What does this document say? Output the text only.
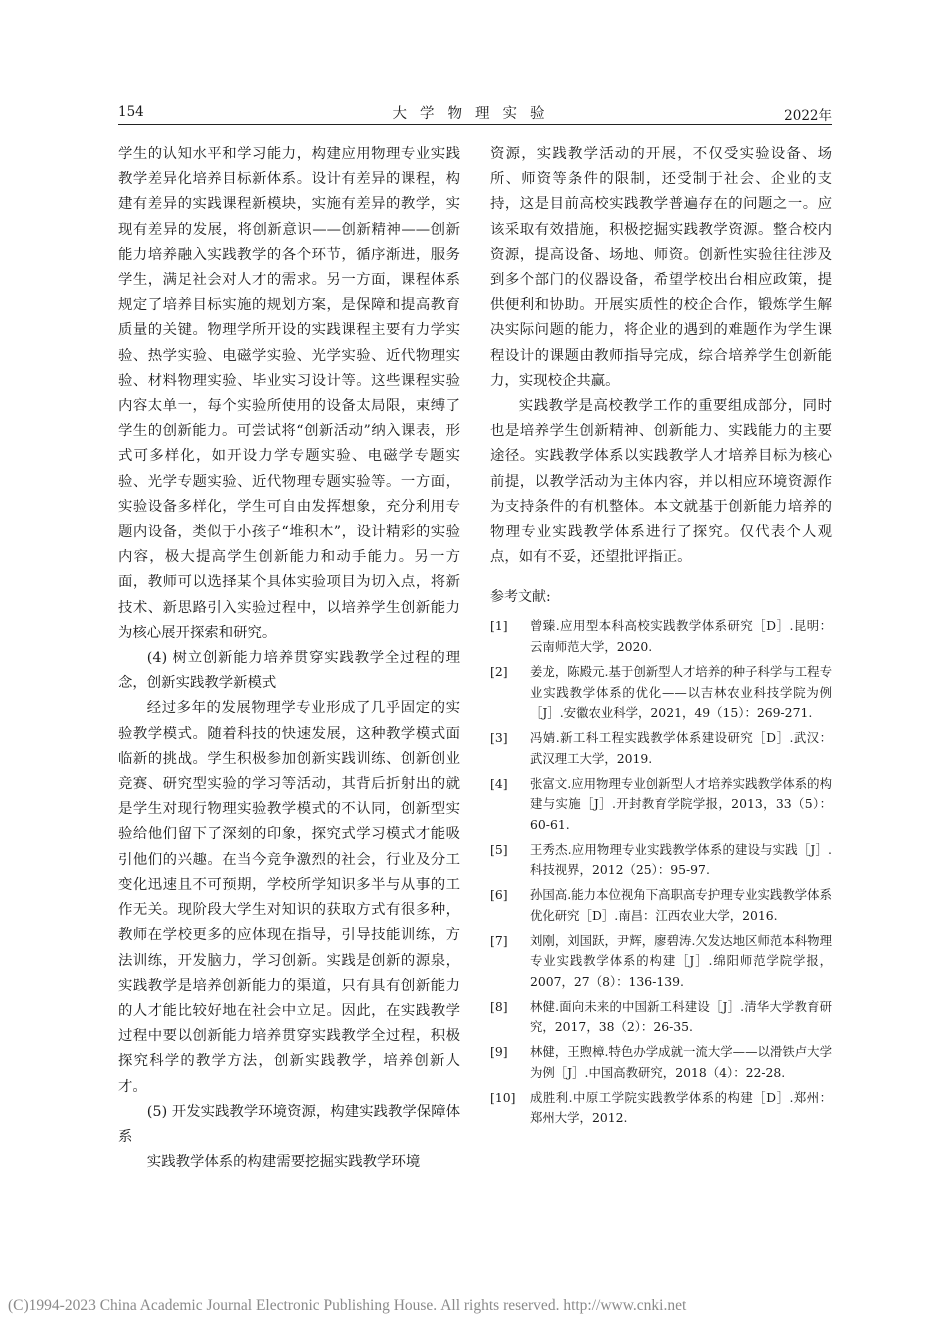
154	大学物理实验	2022年

学生的认知水平和学习能力，构建应用物理专业实践教学差异化培养目标新体系。设计有差异的课程，构建有差异的实践课程新模块，实施有差异的教学，实现有差异的发展，将创新意识——创新精神——创新能力培养融入实践教学的各个环节，循序渐进，服务学生，满足社会对人才的需求。另一方面，课程体系规定了培养目标实施的规划方案，是保障和提高教育质量的关键。物理学所开设的实践课程主要有力学实验、热学实验、电磁学实验、光学实验、近代物理实验、材料物理实验、毕业实习设计等。这些课程实验内容太单一，每个实验所使用的设备太局限，束缚了学生的创新能力。可尝试将“创新活动”纳入课表，形式可多样化，如开设力学专题实验、电磁学专题实验、光学专题实验、近代物理专题实验等。一方面，实验设备多样化，学生可自由发挥想象，充分利用专题内设备，类似于小孩子“堆积木”，设计精彩的实验内容，极大提高学生创新能力和动手能力。另一方面，教师可以选择某个具体实验项目为切入点，将新技术、新思路引入实验过程中，以培养学生创新能力为核心展开探索和研究。

(4) 树立创新能力培养贯穿实践教学全过程的理念，创新实践教学新模式

经过多年的发展物理学专业形成了几乎固定的实验教学模式。随着科技的快速发展，这种教学模式面临新的挑战。学生积极参加创新实践训练、创新创业竞赛、研究型实验的学习等活动，其背后折射出的就是学生对现行物理实验教学模式的不认同，创新型实验给他们留下了深刻的印象，探究式学习模式才能吸引他们的兴趣。在当今竞争激烈的社会，行业及分工变化迅速且不可预期，学校所学知识多半与从事的工作无关。现阶段大学生对知识的获取方式有很多种，教师在学校更多的应体现在指导，引导技能训练，方法训练，开发脑力，学习创新。实践是创新的源泉，实践教学是培养创新能力的渠道，只有具有创新能力的人才能比较好地在社会中立足。因此，在实践教学过程中要以创新能力培养贯穿实践教学全过程，积极探究科学的教学方法，创新实践教学，培养创新人才。

(5) 开发实践教学环境资源，构建实践教学保障体系

实践教学体系的构建需要挖掘实践教学环境

资源，实践教学活动的开展，不仅受实验设备、场所、师资等条件的限制，还受制于社会、企业的支持，这是目前高校实践教学普遍存在的问题之一。应该采取有效措施，积极挖掘实践教学资源。整合校内资源，提高设备、场地、师资。创新性实验往往涉及到多个部门的仪器设备，希望学校出台相应政策，提供便利和协助。开展实质性的校企合作，锻炼学生解决实际问题的能力，将企业的遇到的难题作为学生课程设计的课题由教师指导完成，综合培养学生创新能力，实现校企共赢。

实践教学是高校教学工作的重要组成部分，同时也是培养学生创新精神、创新能力、实践能力的主要途径。实践教学体系以实践教学人才培养目标为核心前提，以教学活动为主体内容，并以相应环境资源作为支持条件的有机整体。本文就基于创新能力培养的物理专业实践教学体系进行了探究。仅代表个人观点，如有不妥，还望批评指正。

参考文献:
[1]	曾臻.应用型本科高校实践教学体系研究［D］.昆明：云南师范大学，2020.
[2]	姜龙，陈殿元.基于创新型人才培养的种子科学与工程专业实践教学体系的优化——以吉林农业科技学院为例［J］.安徽农业科学，2021，49（15）：269-271.
[3]	冯婧.新工科工程实践教学体系建设研究［D］.武汉：武汉理工大学，2019.
[4]	张富文.应用物理专业创新型人才培养实践教学体系的构建与实施［J］.开封教育学院学报，2013，33（5）：60-61.
[5]	王秀杰.应用物理专业实践教学体系的建设与实践［J］.科技视界，2012（25）：95-97.
[6]	孙国高.能力本位视角下高职高专护理专业实践教学体系优化研究［D］.南昌：江西农业大学，2016.
[7]	刘刚，刘国跃，尹辉，廖碧涛.欠发达地区师范本科物理专业实践教学体系的构建［J］.绵阳师范学院学报，2007，27（8）：136-139.
[8]	林健.面向未来的中国新工科建设［J］.清华大学教育研究，2017，38（2）：26-35.
[9]	林健，王煦樟.特色办学成就一流大学——以滑铁卢大学为例［J］.中国高教研究，2018（4）：22-28.
[10]	成胜利.中原工学院实践教学体系的构建［D］.郑州：郑州大学，2012.
(C)1994-2023 China Academic Journal Electronic Publishing House. All rights reserved. http://www.cnki.net
